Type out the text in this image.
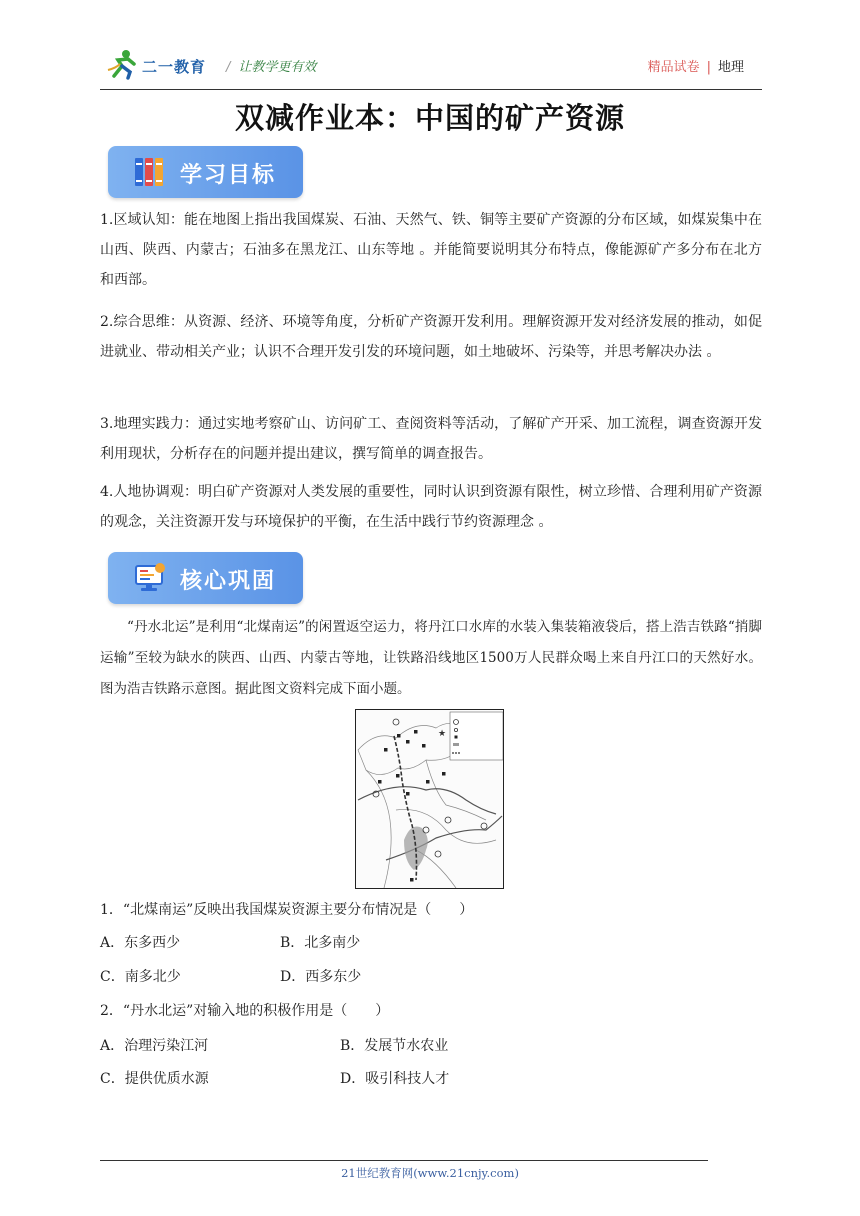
二一教育 / 让教学更有效	精品试卷 | 地理
双减作业本：中国的矿产资源
学习目标
1.区域认知：能在地图上指出我国煤炭、石油、天然气、铁、铜等主要矿产资源的分布区域，如煤炭集中在山西、陕西、内蒙古；石油多在黑龙江、山东等地 。并能简要说明其分布特点，像能源矿产多分布在北方和西部。
2.综合思维：从资源、经济、环境等角度，分析矿产资源开发利用。理解资源开发对经济发展的推动，如促进就业、带动相关产业；认识不合理开发引发的环境问题，如土地破坏、污染等，并思考解决办法 。
3.地理实践力：通过实地考察矿山、访问矿工、查阅资料等活动，了解矿产开采、加工流程，调查资源开发利用现状，分析存在的问题并提出建议，撰写简单的调查报告。
4.人地协调观：明白矿产资源对人类发展的重要性，同时认识到资源有限性，树立珍惜、合理利用矿产资源的观念，关注资源开发与环境保护的平衡，在生活中践行节约资源理念 。
核心巩固
“丹水北运”是利用“北煤南运”的闲置返空运力，将丹江口水库的水装入集装箱液袋后，搭上浩吉铁路“捎脚运输”至较为缺水的陕西、山西、内蒙古等地，让铁路沿线地区1500万人民群众喝上来自丹江口的天然好水。图为浩吉铁路示意图。据此图文资料完成下面小题。
★
1．“北煤南运”反映出我国煤炭资源主要分布情况是（　　）
A．东多西少	B．北多南少
C．南多北少	D．西多东少
2．“丹水北运”对输入地的积极作用是（　　）
A．治理污染江河	B．发展节水农业
C．提供优质水源	D．吸引科技人才
21世纪教育网(www.21cnjy.com)
